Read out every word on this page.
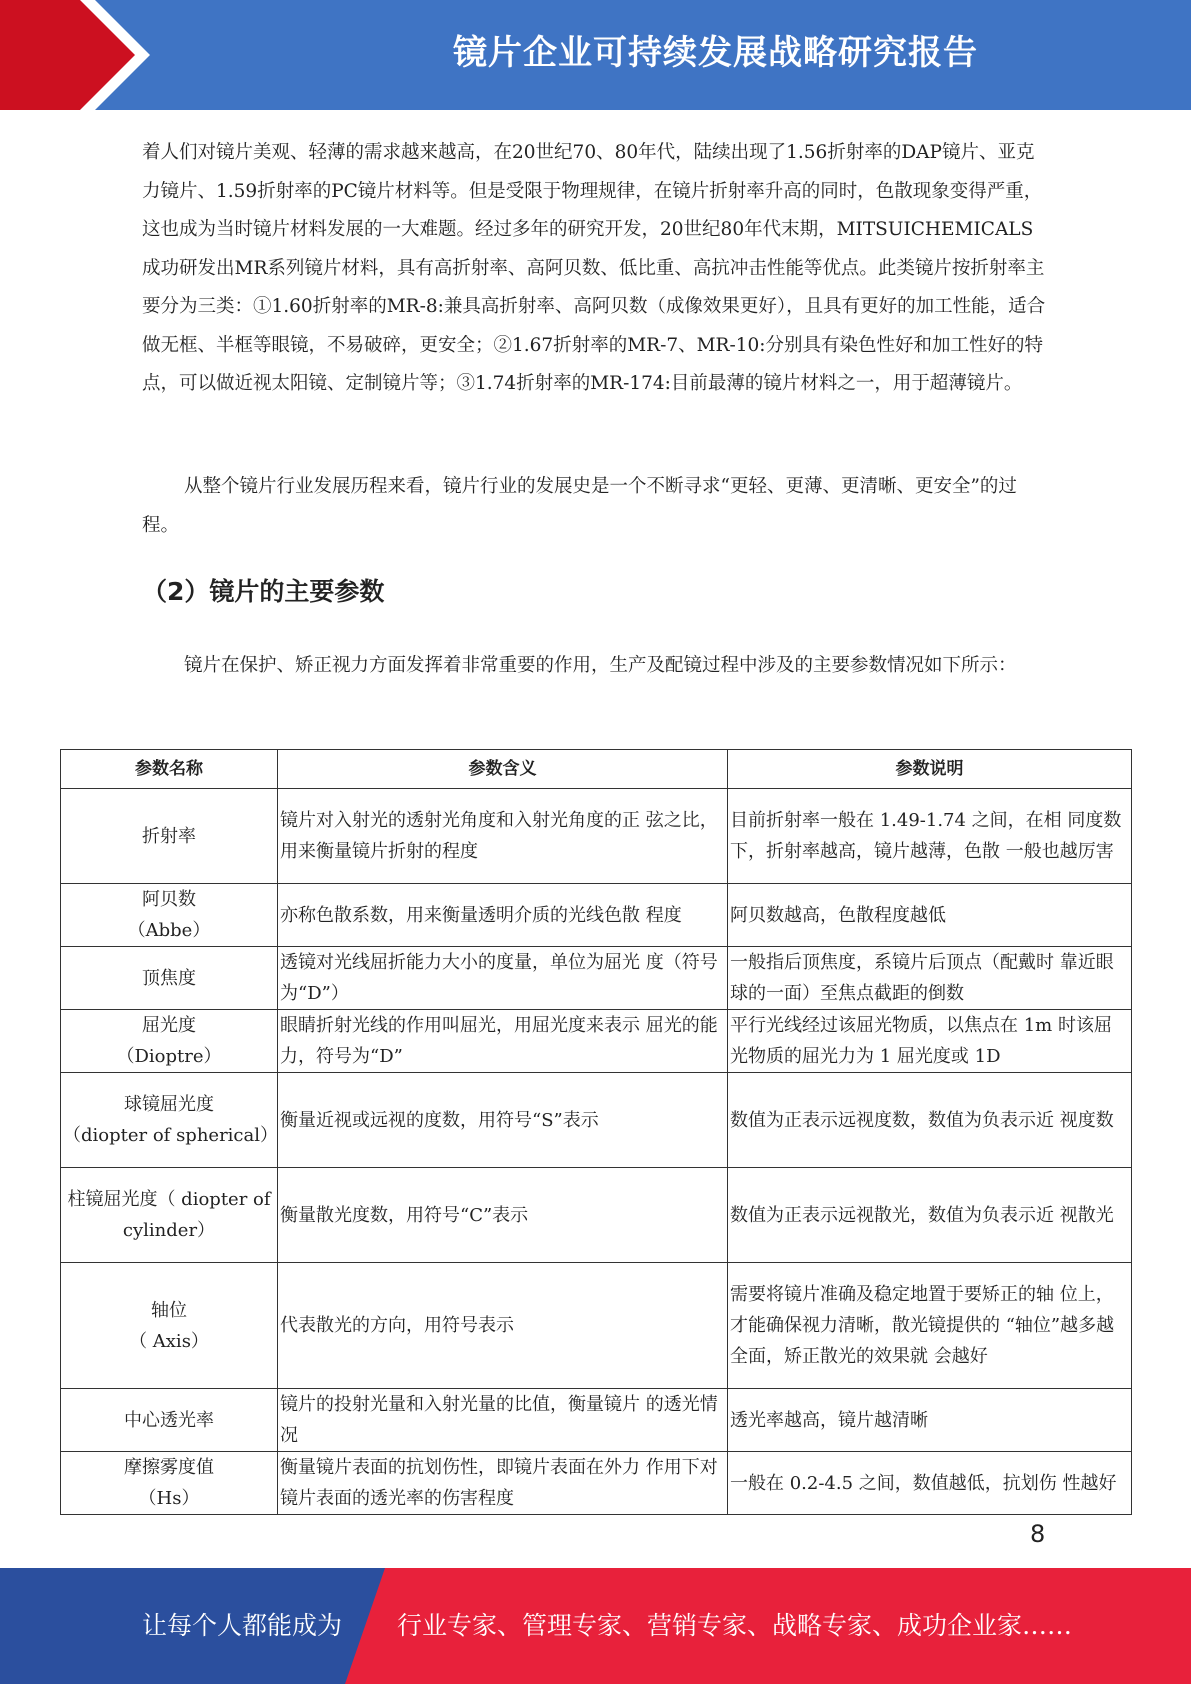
镜片企业可持续发展战略研究报告

着人们对镜片美观、轻薄的需求越来越高，在20世纪70、80年代，陆续出现了1.56折射率的DAP镜片、亚克力镜片、1.59折射率的PC镜片材料等。但是受限于物理规律，在镜片折射率升高的同时，色散现象变得严重，这也成为当时镜片材料发展的一大难题。经过多年的研究开发，20世纪80年代末期，MITSUICHEMICALS成功研发出MR系列镜片材料，具有高折射率、高阿贝数、低比重、高抗冲击性能等优点。此类镜片按折射率主要分为三类：①1.60折射率的MR-8:兼具高折射率、高阿贝数（成像效果更好），且具有更好的加工性能，适合做无框、半框等眼镜，不易破碎，更安全；②1.67折射率的MR-7、MR-10:分别具有染色性好和加工性好的特点，可以做近视太阳镜、定制镜片等；③1.74折射率的MR-174:目前最薄的镜片材料之一，用于超薄镜片。

从整个镜片行业发展历程来看，镜片行业的发展史是一个不断寻求“更轻、更薄、更清晰、更安全”的过程。

（2）镜片的主要参数

镜片在保护、矫正视力方面发挥着非常重要的作用，生产及配镜过程中涉及的主要参数情况如下所示：

参数名称	参数含义	参数说明
折射率	镜片对入射光的透射光角度和入射光角度的正 弦之比，用来衡量镜片折射的程度	目前折射率一般在 1.49-1.74 之间，在相 同度数下，折射率越高，镜片越薄，色散 一般也越厉害

阿贝数
（Abbe）	亦称色散系数，用来衡量透明介质的光线色散 程度	阿贝数越高，色散程度越低
顶焦度	透镜对光线屈折能力大小的度量，单位为屈光 度（符号为“D”）	一般指后顶焦度，系镜片后顶点（配戴时 靠近眼球的一面）至焦点截距的倒数

屈光度
（Dioptre）	眼睛折射光线的作用叫屈光，用屈光度来表示 屈光的能力，符号为“D”	平行光线经过该屈光物质，以焦点在 1m 时该屈光物质的屈光力为 1 屈光度或 1D

球镜屈光度
（diopter of spherical）	衡量近视或远视的度数，用符号“S”表示	数值为正表示远视度数，数值为负表示近 视度数

柱镜屈光度（ diopter of
cylinder）	衡量散光度数，用符号“C”表示	数值为正表示远视散光，数值为负表示近 视散光

轴位
（ Axis）	代表散光的方向，用符号表示	需要将镜片准确及稳定地置于要矫正的轴 位上，才能确保视力清晰，散光镜提供的 “轴位”越多越全面，矫正散光的效果就 会越好
中心透光率	镜片的投射光量和入射光量的比值，衡量镜片 的透光情况	透光率越高，镜片越清晰

摩擦雾度值
（Hs）	衡量镜片表面的抗划伤性，即镜片表面在外力 作用下对镜片表面的透光率的伤害程度	一般在 0.2-4.5 之间，数值越低，抗划伤 性越好
8
让每个人都能成为 行业专家、管理专家、营销专家、战略专家、成功企业家……
